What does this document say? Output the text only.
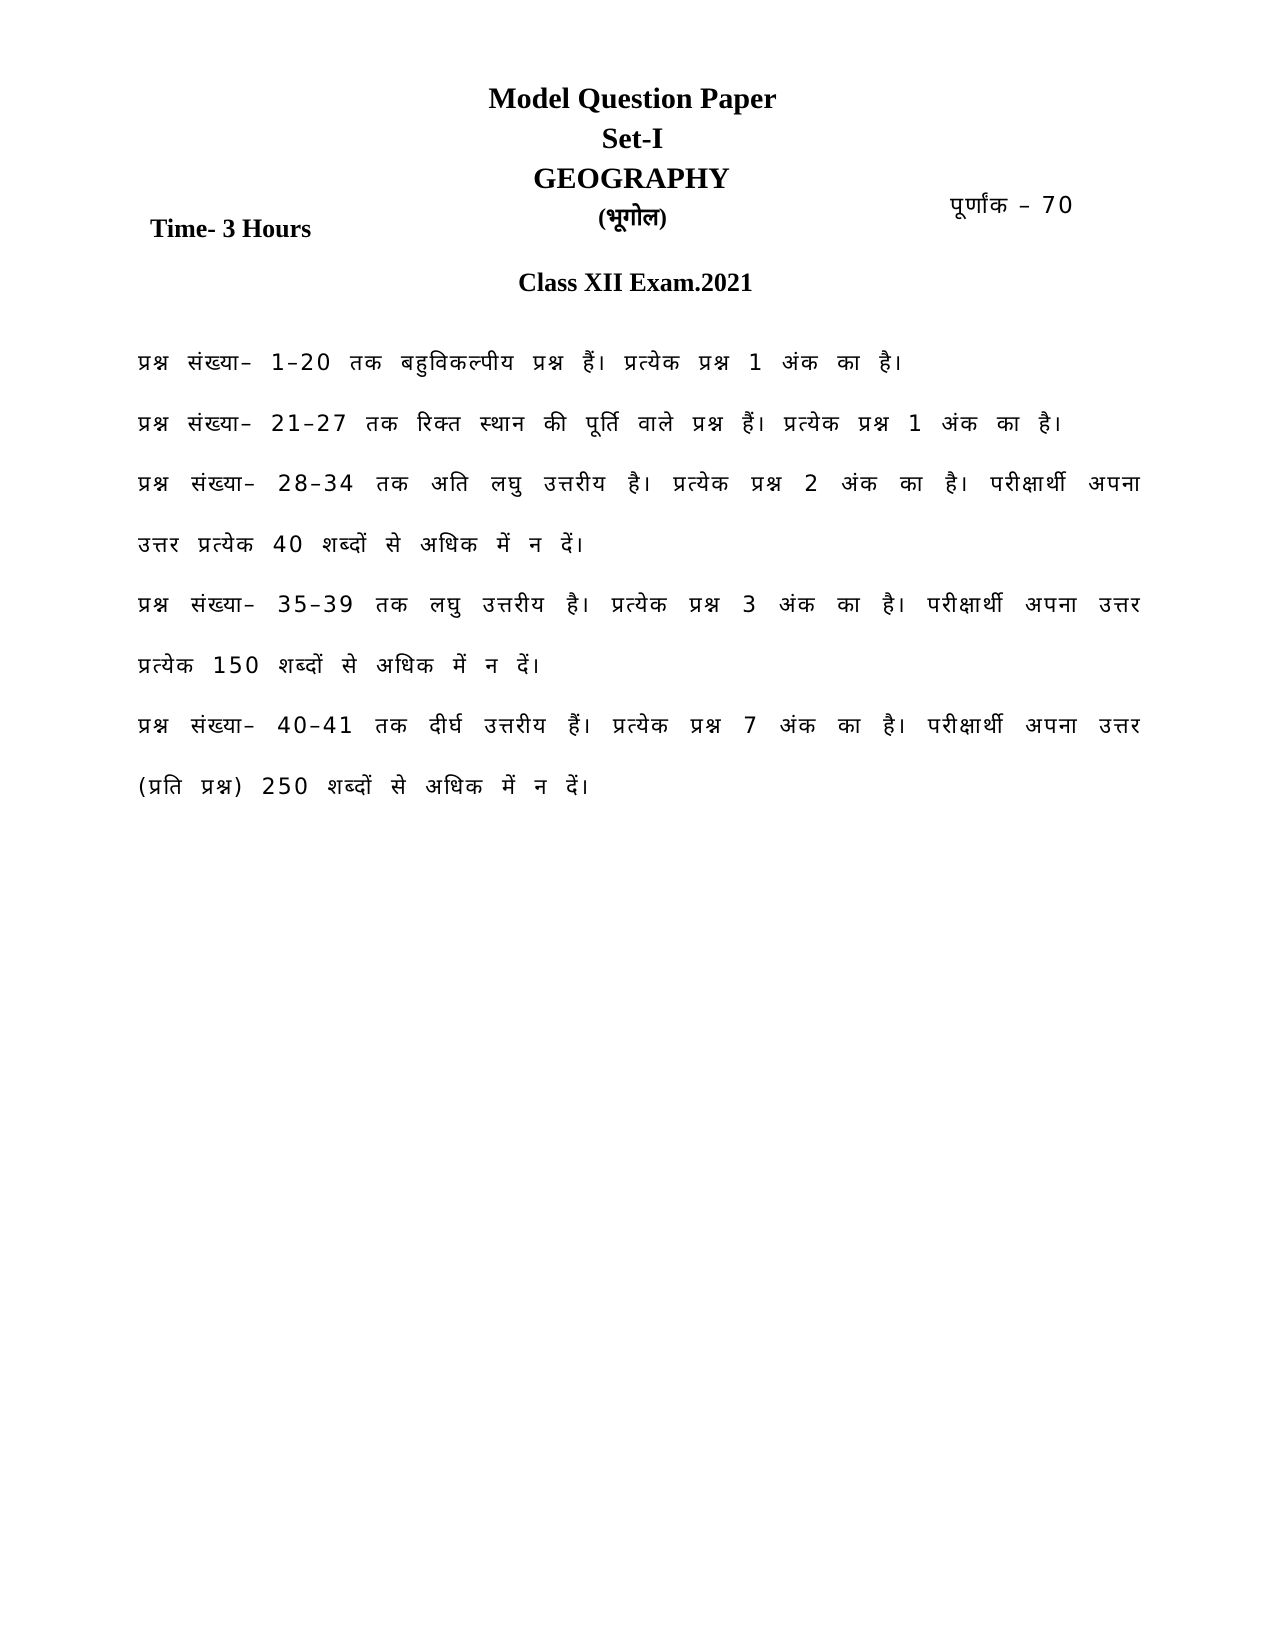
Model Question Paper
Set-I
GEOGRAPHY
(भूगोल)
Time- 3 Hours
पूर्णांक – 70
Class XII Exam.2021

प्रश्न संख्या– 1–20 तक बहुविकल्पीय प्रश्न हैं। प्रत्येक प्रश्न 1 अंक का है।

प्रश्न संख्या– 21–27 तक रिक्त स्थान की पूर्ति वाले प्रश्न हैं। प्रत्येक प्रश्न 1 अंक का है।

प्रश्न संख्या– 28–34 तक अति लघु उत्तरीय है। प्रत्येक प्रश्न 2 अंक का है। परीक्षार्थी अपना उत्तर प्रत्येक 40 शब्दों से अधिक में न दें।

प्रश्न संख्या– 35–39 तक लघु उत्तरीय है। प्रत्येक प्रश्न 3 अंक का है। परीक्षार्थी अपना उत्तर प्रत्येक 150 शब्दों से अधिक में न दें।

प्रश्न संख्या– 40–41 तक दीर्घ उत्तरीय हैं। प्रत्येक प्रश्न 7 अंक का है। परीक्षार्थी अपना उत्तर (प्रति प्रश्न) 250 शब्दों से अधिक में न दें।
